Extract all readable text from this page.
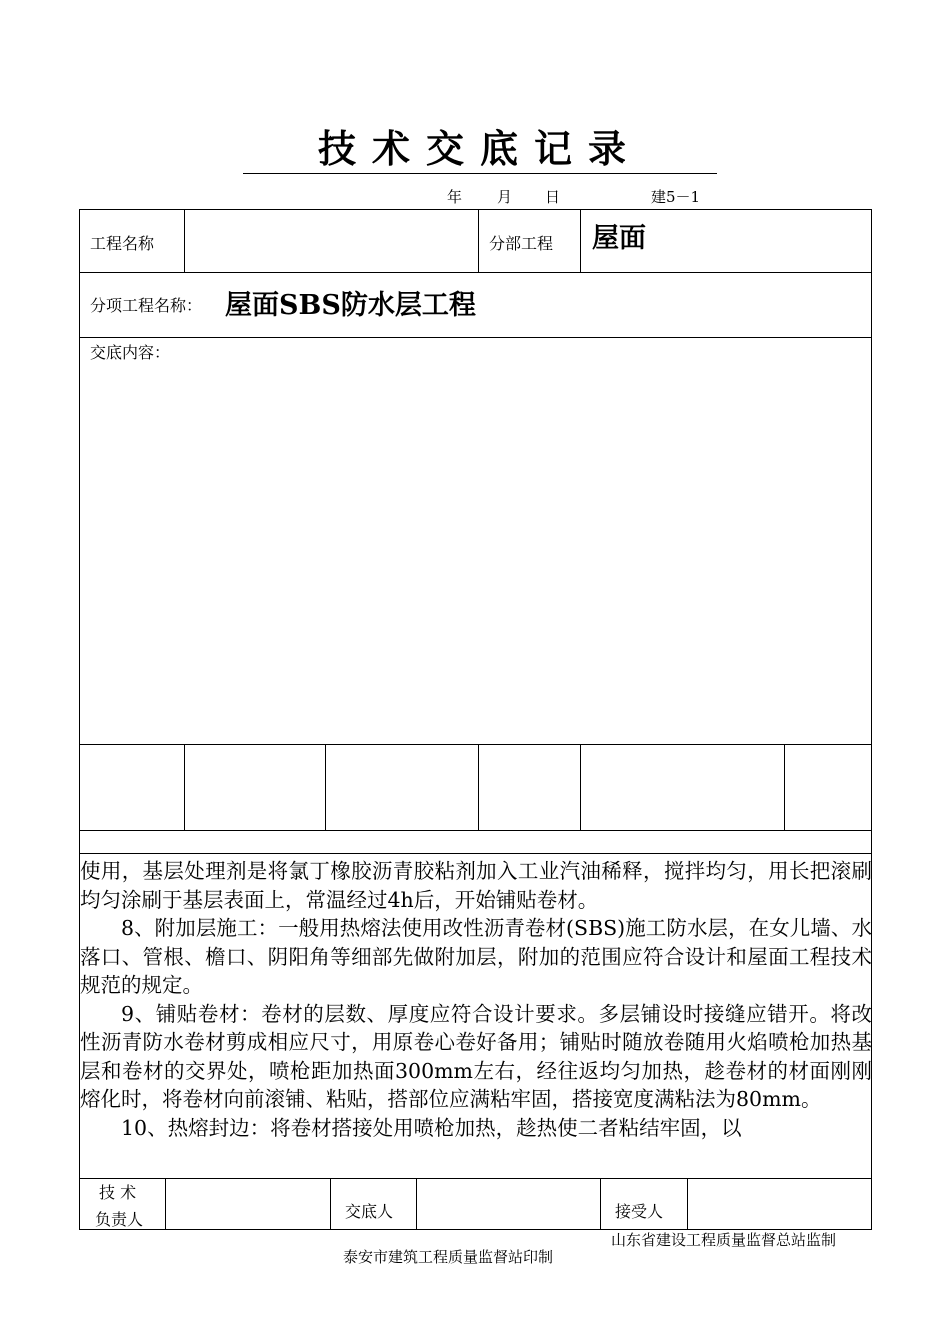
技术交底记录
年 月 日	建5－1
工程名称	分部工程 屋面
分项工程名称： 屋面SBS防水层工程
交底内容：

使用，基层处理剂是将氯丁橡胶沥青胶粘剂加入工业汽油稀释，搅拌均匀，用长把滚刷均匀涂刷于基层表面上，常温经过4h后，开始铺贴卷材。

8、附加层施工：一般用热熔法使用改性沥青卷材(SBS)施工防水层，在女儿墙、水落口、管根、檐口、阴阳角等细部先做附加层，附加的范围应符合设计和屋面工程技术规范的规定。

9、铺贴卷材：卷材的层数、厚度应符合设计要求。多层铺设时接缝应错开。将改性沥青防水卷材剪成相应尺寸，用原卷心卷好备用；铺贴时随放卷随用火焰喷枪加热基层和卷材的交界处，喷枪距加热面300mm左右，经往返均匀加热，趁卷材的材面刚刚熔化时，将卷材向前滚铺、粘贴，搭部位应满粘牢固，搭接宽度满粘法为80mm。

10、热熔封边：将卷材搭接处用喷枪加热，趁热使二者粘结牢固，以

技 术
负责人	交底人	接受人
山东省建设工程质量监督总站监制
泰安市建筑工程质量监督站印制
